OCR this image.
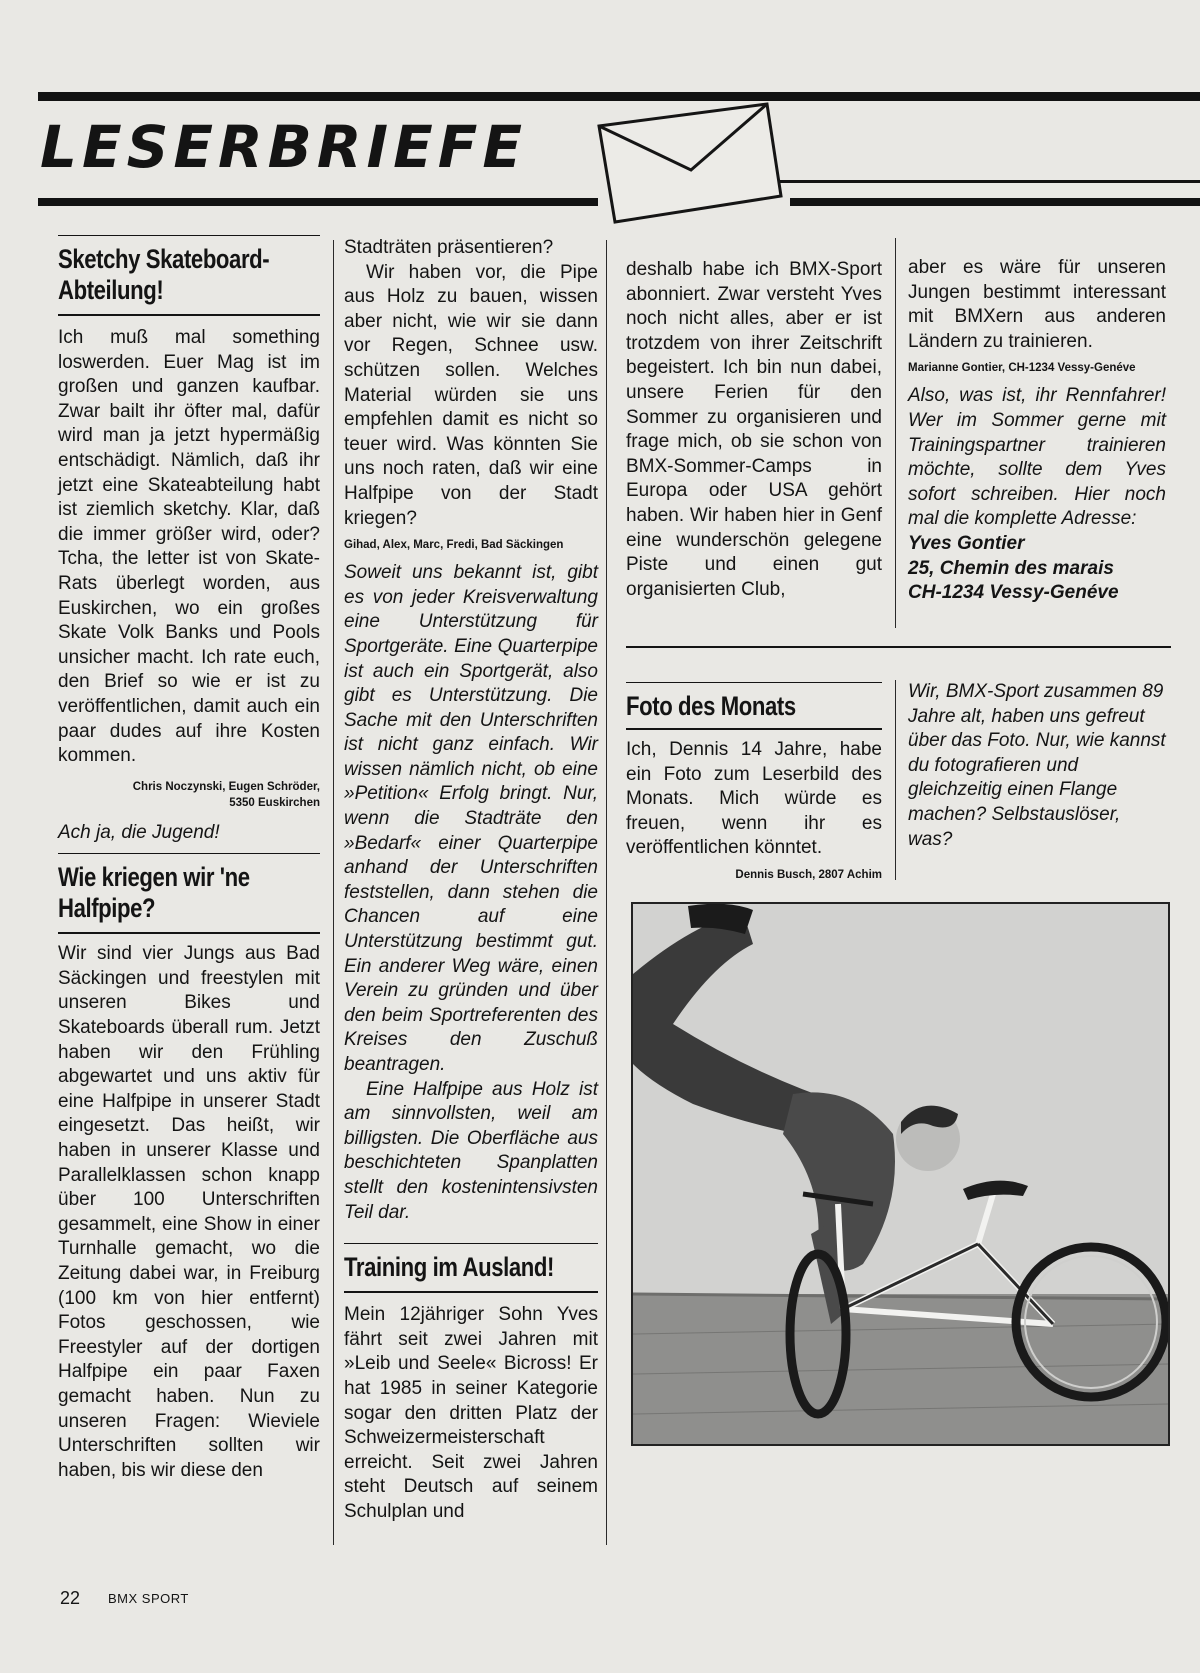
LESERBRIEFE
Sketchy Skateboard-
Abteilung!

Ich muß mal something loswerden. Euer Mag ist im großen und ganzen kaufbar. Zwar bailt ihr öfter mal, dafür wird man ja jetzt hypermäßig entschädigt. Nämlich, daß ihr jetzt eine Skateabteilung habt ist ziemlich sketchy. Klar, daß die immer größer wird, oder? Tcha, the letter ist von Skate-Rats überlegt worden, aus Euskirchen, wo ein großes Skate Volk Banks und Pools unsicher macht. Ich rate euch, den Brief so wie er ist zu veröffentlichen, damit auch ein paar dudes auf ihre Kosten kommen.

Chris Noczynski, Eugen Schröder,
5350 Euskirchen

Ach ja, die Jugend!

Wie kriegen wir 'ne
Halfpipe?

Wir sind vier Jungs aus Bad Säckingen und freestylen mit unseren Bikes und Skateboards überall rum. Jetzt haben wir den Frühling abgewartet und uns aktiv für eine Halfpipe in unserer Stadt eingesetzt. Das heißt, wir haben in unserer Klasse und Parallelklassen schon knapp über 100 Unterschriften gesammelt, eine Show in einer Turnhalle gemacht, wo die Zeitung dabei war, in Freiburg (100 km von hier entfernt) Fotos geschossen, wie Freestyler auf der dortigen Halfpipe ein paar Faxen gemacht haben. Nun zu unseren Fragen: Wieviele Unterschriften sollten wir haben, bis wir diese den

Stadträten präsentieren?

Wir haben vor, die Pipe aus Holz zu bauen, wissen aber nicht, wie wir sie dann vor Regen, Schnee usw. schützen sollen. Welches Material würden sie uns empfehlen damit es nicht so teuer wird. Was könnten Sie uns noch raten, daß wir eine Halfpipe von der Stadt kriegen?

Gihad, Alex, Marc, Fredi, Bad Säckingen

Soweit uns bekannt ist, gibt es von jeder Kreisverwaltung eine Unterstützung für Sportgeräte. Eine Quarterpipe ist auch ein Sportgerät, also gibt es Unterstützung. Die Sache mit den Unterschriften ist nicht ganz einfach. Wir wissen nämlich nicht, ob eine »Petition« Erfolg bringt. Nur, wenn die Stadträte den »Bedarf« einer Quarterpipe anhand der Unterschriften feststellen, dann stehen die Chancen auf eine Unterstützung bestimmt gut. Ein anderer Weg wäre, einen Verein zu gründen und über den beim Sportreferenten des Kreises den Zuschuß beantragen.

Eine Halfpipe aus Holz ist am sinnvollsten, weil am billigsten. Die Oberfläche aus beschichteten Spanplatten stellt den kostenintensivsten Teil dar.

Training im Ausland!

Mein 12jähriger Sohn Yves fährt seit zwei Jahren mit »Leib und Seele« Bicross! Er hat 1985 in seiner Kategorie sogar den dritten Platz der Schweizermeisterschaft erreicht. Seit zwei Jahren steht Deutsch auf seinem Schulplan und

deshalb habe ich BMX-Sport abonniert. Zwar versteht Yves noch nicht alles, aber er ist trotzdem von ihrer Zeitschrift begeistert. Ich bin nun dabei, unsere Ferien für den Sommer zu organisieren und frage mich, ob sie schon von BMX-Sommer-Camps in Europa oder USA gehört haben. Wir haben hier in Genf eine wunderschön gelegene Piste und einen gut organisierten Club,

aber es wäre für unseren Jungen bestimmt interessant mit BMXern aus anderen Ländern zu trainieren.

Marianne Gontier, CH-1234 Vessy-Genéve

Also, was ist, ihr Rennfahrer! Wer im Sommer gerne mit Trainingspartner trainieren möchte, sollte dem Yves sofort schreiben. Hier noch mal die komplette Adresse:

Yves Gontier
25, Chemin des marais
CH-1234 Vessy-Genéve
Foto des Monats

Ich, Dennis 14 Jahre, habe ein Foto zum Leserbild des Monats. Mich würde es freuen, wenn ihr es veröffentlichen könntet.

Dennis Busch, 2807 Achim

Wir, BMX-Sport zusammen 89 Jahre alt, haben uns gefreut über das Foto. Nur, wie kannst du fotografieren und gleichzeitig einen Flange machen? Selbstauslöser, was?

22 BMX SPORT
